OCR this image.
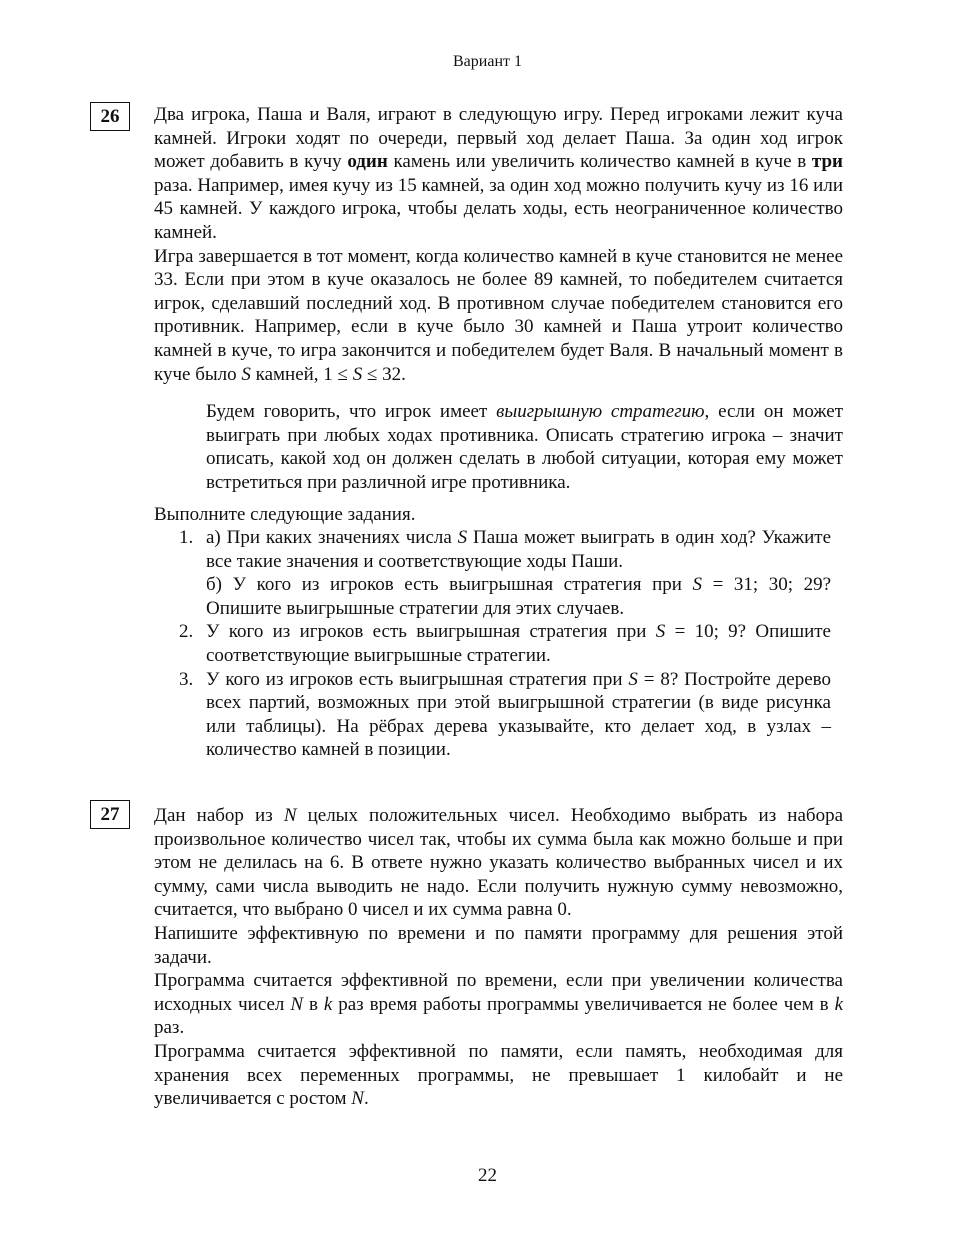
Вариант 1
26	Два игрока, Паша и Валя, играют в следующую игру. Перед игроками лежит куча камней. Игроки ходят по очереди, первый ход делает Паша. За один ход игрок может добавить в кучу один камень или увеличить количество камней в куче в три раза. Например, имея кучу из 15 камней, за один ход можно получить кучу из 16 или 45 камней. У каждого игрока, чтобы делать ходы, есть неограниченное количество камней.

Игра завершается в тот момент, когда количество камней в куче становится не менее 33. Если при этом в куче оказалось не более 89 камней, то победителем считается игрок, сделавший последний ход. В противном случае победителем становится его противник. Например, если в куче было 30 камней и Паша утроит количество камней в куче, то игра закончится и победителем будет Валя. В начальный момент в куче было S камней, 1 ≤ S ≤ 32.

Будем говорить, что игрок имеет выигрышную стратегию, если он может выиграть при любых ходах противника. Описать стратегию игрока – значит описать, какой ход он должен сделать в любой ситуации, которая ему может встретиться при различной игре противника.

Выполните следующие задания.

1. а) При каких значениях числа S Паша может выиграть в один ход? Укажите все такие значения и соответствующие ходы Паши.
б) У кого из игроков есть выигрышная стратегия при S = 31; 30; 29? Опишите выигрышные стратегии для этих случаев.
2. У кого из игроков есть выигрышная стратегия при S = 10; 9? Опишите соответствующие выигрышные стратегии.
3. У кого из игроков есть выигрышная стратегия при S = 8? Постройте дерево всех партий, возможных при этой выигрышной стратегии (в виде рисунка или таблицы). На рёбрах дерева указывайте, кто делает ход, в узлах – количество камней в позиции.
27	Дан набор из N целых положительных чисел. Необходимо выбрать из набора произвольное количество чисел так, чтобы их сумма была как можно больше и при этом не делилась на 6. В ответе нужно указать количество выбранных чисел и их сумму, сами числа выводить не надо. Если получить нужную сумму невозможно, считается, что выбрано 0 чисел и их сумма равна 0.

Напишите эффективную по времени и по памяти программу для решения этой задачи.

Программа считается эффективной по времени, если при увеличении количества исходных чисел N в k раз время работы программы увеличивается не более чем в k раз.

Программа считается эффективной по памяти, если память, необходимая для хранения всех переменных программы, не превышает 1 килобайт и не увеличивается с ростом N.

22
